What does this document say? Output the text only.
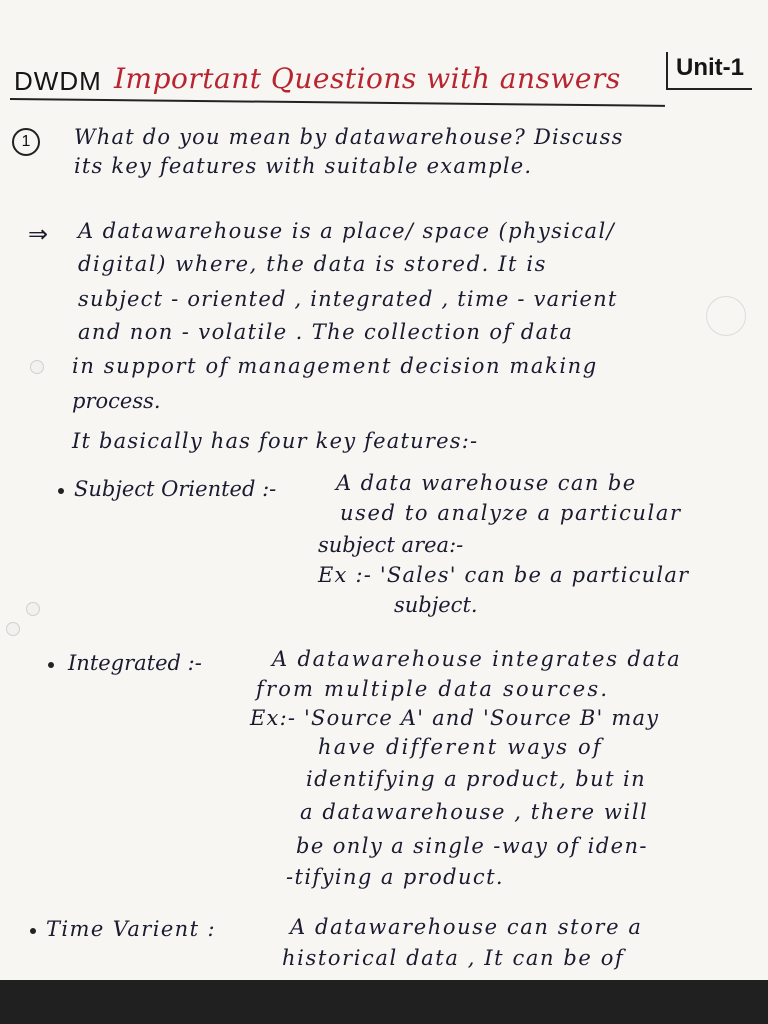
DWDM Important Questions with answers	Unit-1
1	What do you mean by datawarehouse? Discuss
its key features with suitable example.
⇒ A datawarehouse is a place/ space (physical/
digital) where, the data is stored. It is
subject - oriented , integrated , time - varient
and non - volatile . The collection of data
in support of management decision making
process.
It basically has four key features:-
Subject Oriented :-	A data warehouse can be
used to analyze a particular
subject area:-
Ex :- 'Sales' can be a particular
subject.
Integrated :-	A datawarehouse integrates data
from multiple data sources.
Ex:- 'Source A' and 'Source B' may
have different ways of
identifying a product, but in
a datawarehouse , there will
be only a single -way of iden-
-tifying a product.
Time Varient :	A datawarehouse can store a
historical data , It can be of
